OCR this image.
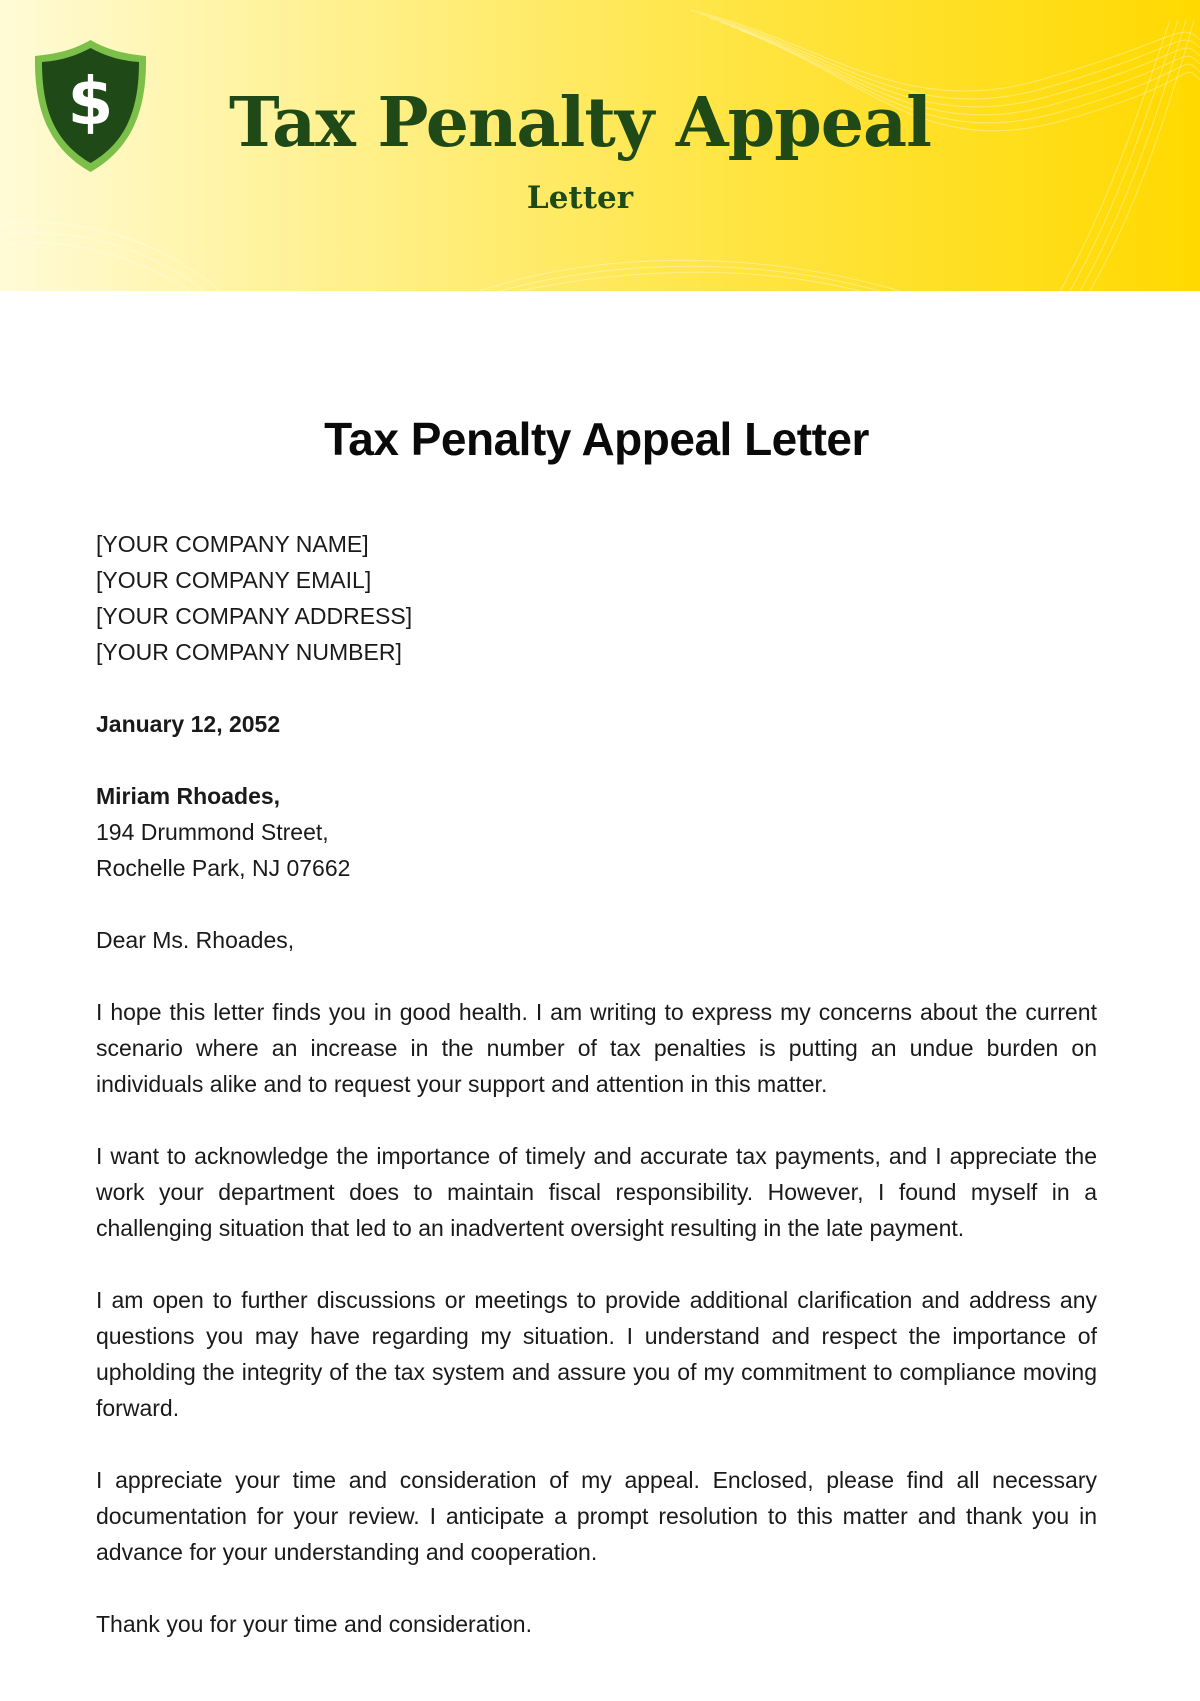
$	Tax Penalty Appeal
Letter
Tax Penalty Appeal Letter

[YOUR COMPANY NAME]

[YOUR COMPANY EMAIL]

[YOUR COMPANY ADDRESS]

[YOUR COMPANY NUMBER]

January 12, 2052

Miriam Rhoades,

194 Drummond Street,

Rochelle Park, NJ 07662

Dear Ms. Rhoades,

I hope this letter finds you in good health. I am writing to express my concerns about the current scenario where an increase in the number of tax penalties is putting an undue burden on individuals alike and to request your support and attention in this matter.

I want to acknowledge the importance of timely and accurate tax payments, and I appreciate the work your department does to maintain fiscal responsibility. However, I found myself in a challenging situation that led to an inadvertent oversight resulting in the late payment.

I am open to further discussions or meetings to provide additional clarification and address any questions you may have regarding my situation. I understand and respect the importance of upholding the integrity of the tax system and assure you of my commitment to compliance moving forward.

I appreciate your time and consideration of my appeal. Enclosed, please find all necessary documentation for your review. I anticipate a prompt resolution to this matter and thank you in advance for your understanding and cooperation.

Thank you for your time and consideration.
